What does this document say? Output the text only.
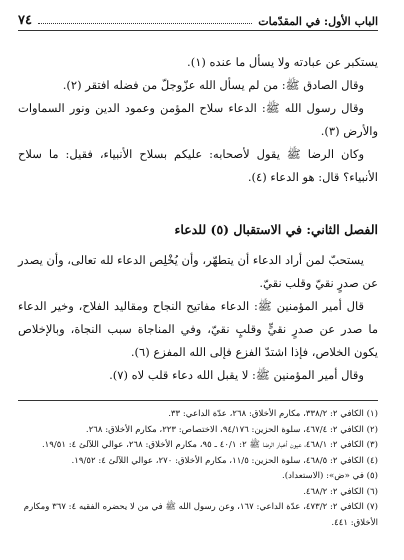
الباب الأول: في المقدّمات
٧٤

يستكبر عن عبادته ولا يسأل ما عنده (١).

وقال الصادق ﷺ: من لم يسأل الله عزّوجلّ من فضله افتقر (٢).

وقال رسول الله ﷺ: الدعاء سلاح المؤمن وعمود الدين ونور السماوات والأرض (٣).

وكان الرضا ﷺ يقول لأصحابه: عليكم بسلاح الأنبياء، فقيل: ما سلاح الأنبياء؟ قال: هو الدعاء (٤).

الفصل الثاني: في الاستقبال (٥) للدعاء

يستحبّ لمن أراد الدعاء أن يتطهّر، وأن يُخْلِص الدعاء لله تعالى، وأن يصدر عن صدرٍ نقيّ وقلب نقيّ.

قال أمير المؤمنين ﷺ: الدعاء مفاتيح النجاح ومقاليد الفلاح، وخير الدعاء ما صدر عن صدرٍ نقيٍّ وقلبٍ نقيّ، وفي المناجاة سبب النجاة، وبالإخلاص يكون الخلاص، فإذا اشتدّ الفزع فإلى الله المفزع (٦).

وقال أمير المؤمنين ﷺ: لا يقبل الله دعاء قلب لاه (٧).

(١) الكافي ٢: ٣٣٨/٢، مكارم الأخلاق: ٢٦٨، عدّة الداعي: ٣٣.
(٢) الكافي ٢: ٤٦٧/٤، سلوة الحزين: ٩٤/١٧٦، الاختصاص: ٢٢٣، مكارم الأخلاق: ٢٦٨.
(٣) الكافي ٢: ٤٦٨/١، عيون أخبار الرضا ﷺ ٢: ٤٠/١ ـ ٩٥، مكارم الأخلاق: ٢٦٨، عوالي اللآلئ ٤: ١٩/٥١.
(٤) الكافي ٢: ٤٦٨/٥، سلوة الحزين: ١١/٥، مكارم الأخلاق: ٢٧٠، عوالي اللآلئ ٤: ١٩/٥٢.
(٥) في «ض»: (الاستعداد).
(٦) الكافي ٢: ٤٦٨/٢.
(٧) الكافي ٢: ٤٧٣/٢، عدّة الداعي: ١٦٧، وعن رسول الله ﷺ في من لا يحضره الفقيه ٤: ٣٦٧ ومكارم الأخلاق: ٤٤١.
